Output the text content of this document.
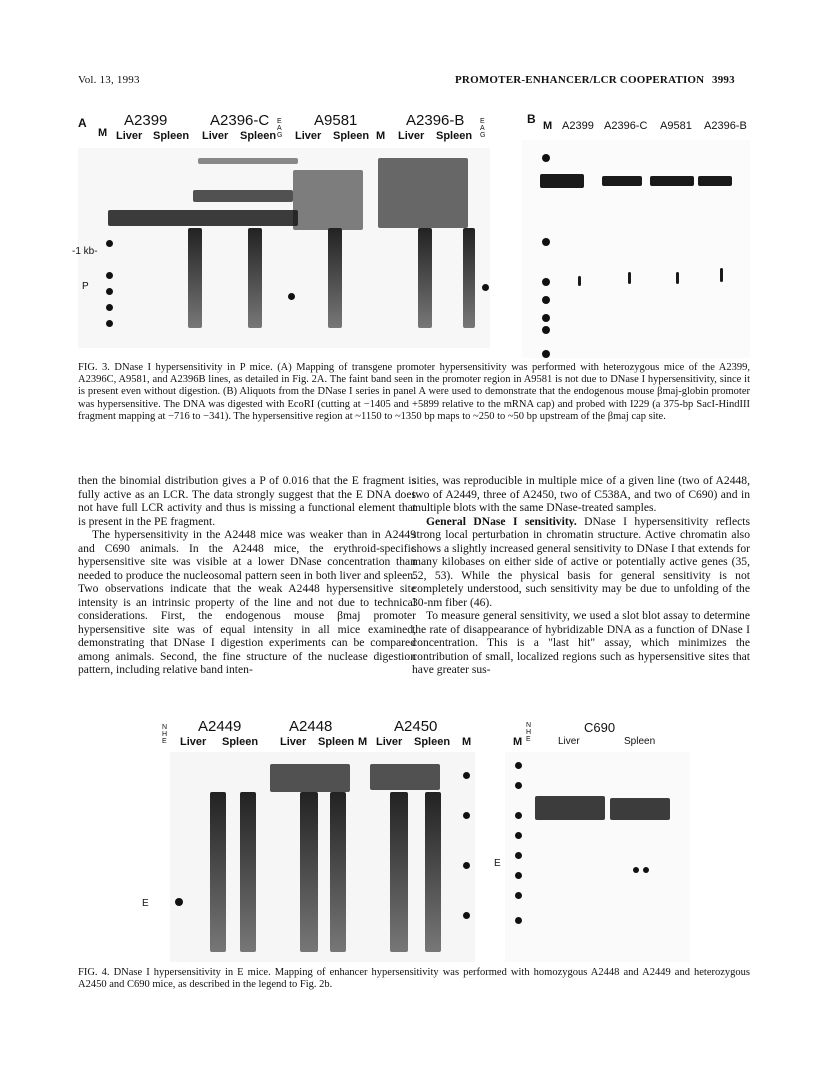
Vol. 13, 1993	PROMOTER-ENHANCER/LCR COOPERATION 3993
A
M
A2399
Liver Spleen
A2396-C
Liver Spleen
EAG
A9581
Liver Spleen M
A2396-B
Liver Spleen
EAG
-1 kb-
P
B M A2399 A2396-C A9581 A2396-B
FIG. 3. DNase I hypersensitivity in P mice. (A) Mapping of transgene promoter hypersensitivity was performed with heterozygous mice of the A2399, A2396C, A9581, and A2396B lines, as detailed in Fig. 2A. The faint band seen in the promoter region in A9581 is not due to DNase I hypersensitivity, since it is present even without digestion. (B) Aliquots from the DNase I series in panel A were used to demonstrate that the endogenous mouse βmaj-globin promoter was hypersensitive. The DNA was digested with EcoRI (cutting at −1405 and +5899 relative to the mRNA cap) and probed with I229 (a 375-bp SacI-HindIII fragment mapping at −716 to −341). The hypersensitive region at ~1150 to ~1350 bp maps to ~250 to ~50 bp upstream of the βmaj cap site.

then the binomial distribution gives a P of 0.016 that the E fragment is fully active as an LCR. The data strongly suggest that the E DNA does not have full LCR activity and thus is missing a functional element that is present in the PE fragment.

The hypersensitivity in the A2448 mice was weaker than in A2449 and C690 animals. In the A2448 mice, the erythroid-specific hypersensitive site was visible at a lower DNase concentration than needed to produce the nucleosomal pattern seen in both liver and spleen. Two observations indicate that the weak A2448 hypersensitive site intensity is an intrinsic property of the line and not due to technical considerations. First, the endogenous mouse βmaj promoter hypersensitive site was of equal intensity in all mice examined, demonstrating that DNase I digestion experiments can be compared among animals. Second, the fine structure of the nuclease digestion pattern, including relative band inten-

sities, was reproducible in multiple mice of a given line (two of A2448, two of A2449, three of A2450, two of C538A, and two of C690) and in multiple blots with the same DNase-treated samples.

General DNase I sensitivity. DNase I hypersensitivity reflects strong local perturbation in chromatin structure. Active chromatin also shows a slightly increased general sensitivity to DNase I that extends for many kilobases on either side of active or potentially active genes (35, 52, 53). While the physical basis for general sensitivity is not completely understood, such sensitivity may be due to unfolding of the 30-nm fiber (46).

To measure general sensitivity, we used a slot blot assay to determine the rate of disappearance of hybridizable DNA as a function of DNase I concentration. This is a "last hit" assay, which minimizes the contribution of small, localized regions such as hypersensitive sites that have greater sus-

NHE
A2449
Liver Spleen
A2448
Liver Spleen M
A2450
Liver Spleen M
E
M
NHE
C690
Liver	Spleen
E
FIG. 4. DNase I hypersensitivity in E mice. Mapping of enhancer hypersensitivity was performed with homozygous A2448 and A2449 and heterozygous A2450 and C690 mice, as described in the legend to Fig. 2b.
